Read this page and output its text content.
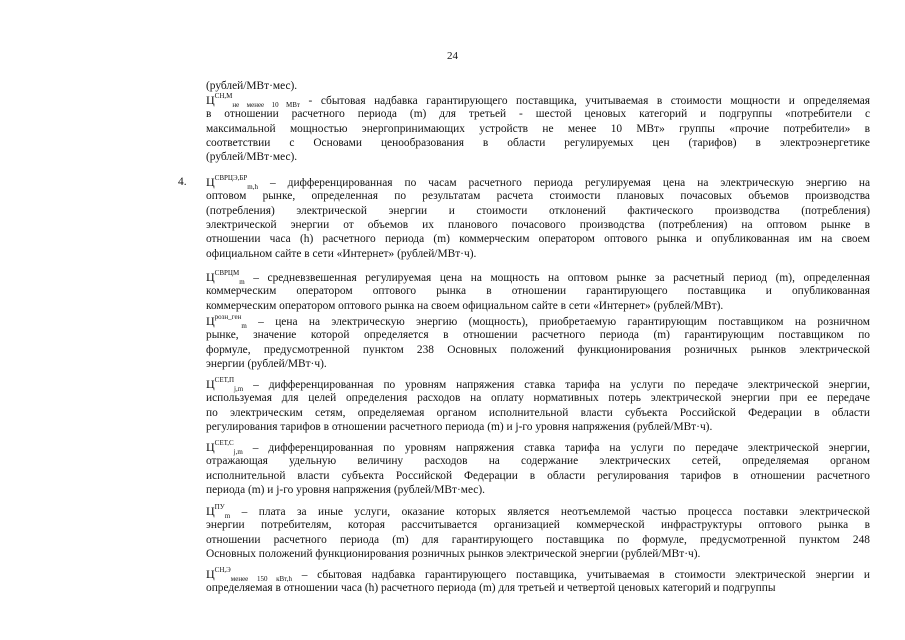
24
(рублей/МВт·мес).
$Ц^{СН,М}_{не менее 10 МВт}$ - сбытовая надбавка гарантирующего поставщика, учитываемая в стоимости мощности и определяемая
в отношении расчетного периода (m) для третьей - шестой ценовых категорий и подгруппы «потребители с
максимальной мощностью энергопринимающих устройств не менее 10 МВт» группы «прочие потребители» в
соответствии с Основами ценообразования в области регулируемых цен (тарифов) в электроэнергетике
(рублей/МВт·мес).
$Ц^{СВРЦЭ,БР}_{m,h}$ – дифференцированная по часам расчетного периода регулируемая цена на электрическую энергию на
оптовом рынке, определенная по результатам расчета стоимости плановых почасовых объемов производства
(потребления) электрической энергии и стоимости отклонений фактического производства (потребления)
электрической энергии от объемов их планового почасового производства (потребления) на оптовом рынке в
отношении часа (h) расчетного периода (m) коммерческим оператором оптового рынка и опубликованная им на своем
официальном сайте в сети «Интернет» (рублей/МВт·ч).
$Ц^{СВРЦМ}_m$ – средневзвешенная регулируемая цена на мощность на оптовом рынке за расчетный период (m), определенная
коммерческим оператором оптового рынка в отношении гарантирующего поставщика и опубликованная
коммерческим оператором оптового рынка на своем официальном сайте в сети «Интернет» (рублей/МВт).
$Ц^{розн\_ген}_m$ – цена на электрическую энергию (мощность), приобретаемую гарантирующим поставщиком на розничном
рынке, значение которой определяется в отношении расчетного периода (m) гарантирующим поставщиком по
формуле, предусмотренной пунктом 238 Основных положений функционирования розничных рынков электрической
энергии (рублей/МВт·ч).
$Ц^{СЕТ,П}_{j,m}$ – дифференцированная по уровням напряжения ставка тарифа на услуги по передаче электрической энергии,
используемая для целей определения расходов на оплату нормативных потерь электрической энергии при ее передаче
по электрическим сетям, определяемая органом исполнительной власти субъекта Российской Федерации в области
регулирования тарифов в отношении расчетного периода (m) и j-го уровня напряжения (рублей/МВт·ч).
$Ц^{СЕТ,С}_{j,m}$ – дифференцированная по уровням напряжения ставка тарифа на услуги по передаче электрической энергии,
отражающая удельную величину расходов на содержание электрических сетей, определяемая органом
исполнительной власти субъекта Российской Федерации в области регулирования тарифов в отношении расчетного
периода (m) и j-го уровня напряжения (рублей/МВт·мес).
$Ц^{ПУ}_m$ – плата за иные услуги, оказание которых является неотъемлемой частью процесса поставки электрической
энергии потребителям, которая рассчитывается организацией коммерческой инфраструктуры оптового рынка в
отношении расчетного периода (m) для гарантирующего поставщика по формуле, предусмотренной пунктом 248
Основных положений функционирования розничных рынков электрической энергии (рублей/МВт·ч).
$Ц^{СН,Э}_{менее 150 кВт,h}$ – сбытовая надбавка гарантирующего поставщика, учитываемая в стоимости электрической энергии и
определяемая в отношении часа (h) расчетного периода (m) для третьей и четвертой ценовых категорий и подгруппы
4.
